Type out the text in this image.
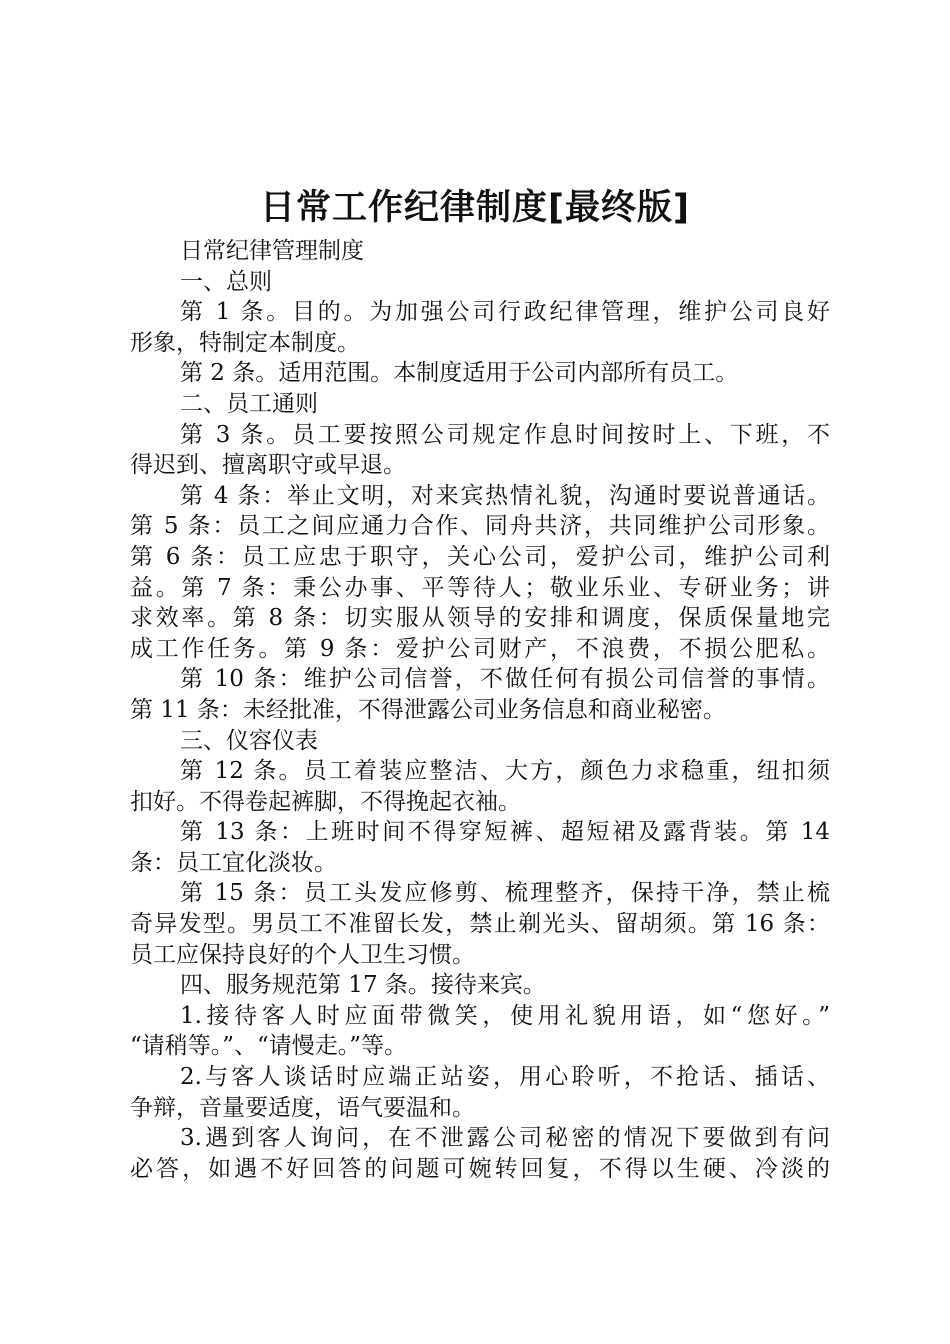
日常工作纪律制度[最终版]
日常纪律管理制度
一、总则
第 1 条。目的。为加强公司行政纪律管理，维护公司良好
形象，特制定本制度。
第 2 条。适用范围。本制度适用于公司内部所有员工。
二、员工通则
第 3 条。员工要按照公司规定作息时间按时上、下班，不
得迟到、擅离职守或早退。
第 4 条：举止文明，对来宾热情礼貌，沟通时要说普通话。
第 5 条：员工之间应通力合作、同舟共济，共同维护公司形象。
第 6 条：员工应忠于职守，关心公司，爱护公司，维护公司利
益。第 7 条：秉公办事、平等待人；敬业乐业、专研业务；讲
求效率。第 8 条：切实服从领导的安排和调度，保质保量地完
成工作任务。第 9 条：爱护公司财产，不浪费，不损公肥私。
第 10 条：维护公司信誉，不做任何有损公司信誉的事情。
第 11 条：未经批准，不得泄露公司业务信息和商业秘密。
三、仪容仪表
第 12 条。员工着装应整洁、大方，颜色力求稳重，纽扣须
扣好。不得卷起裤脚，不得挽起衣袖。
第 13 条：上班时间不得穿短裤、超短裙及露背装。第 14
条：员工宜化淡妆。
第 15 条：员工头发应修剪、梳理整齐，保持干净，禁止梳
奇异发型。男员工不准留长发，禁止剃光头、留胡须。第 16 条：
员工应保持良好的个人卫生习惯。
四、服务规范第 17 条。接待来宾。
1.接待客人时应面带微笑，使用礼貌用语，如“您好。”
“请稍等。”、“请慢走。”等。
2.与客人谈话时应端正站姿，用心聆听，不抢话、插话、
争辩，音量要适度，语气要温和。
3.遇到客人询问，在不泄露公司秘密的情况下要做到有问
必答，如遇不好回答的问题可婉转回复，不得以生硬、冷淡的
